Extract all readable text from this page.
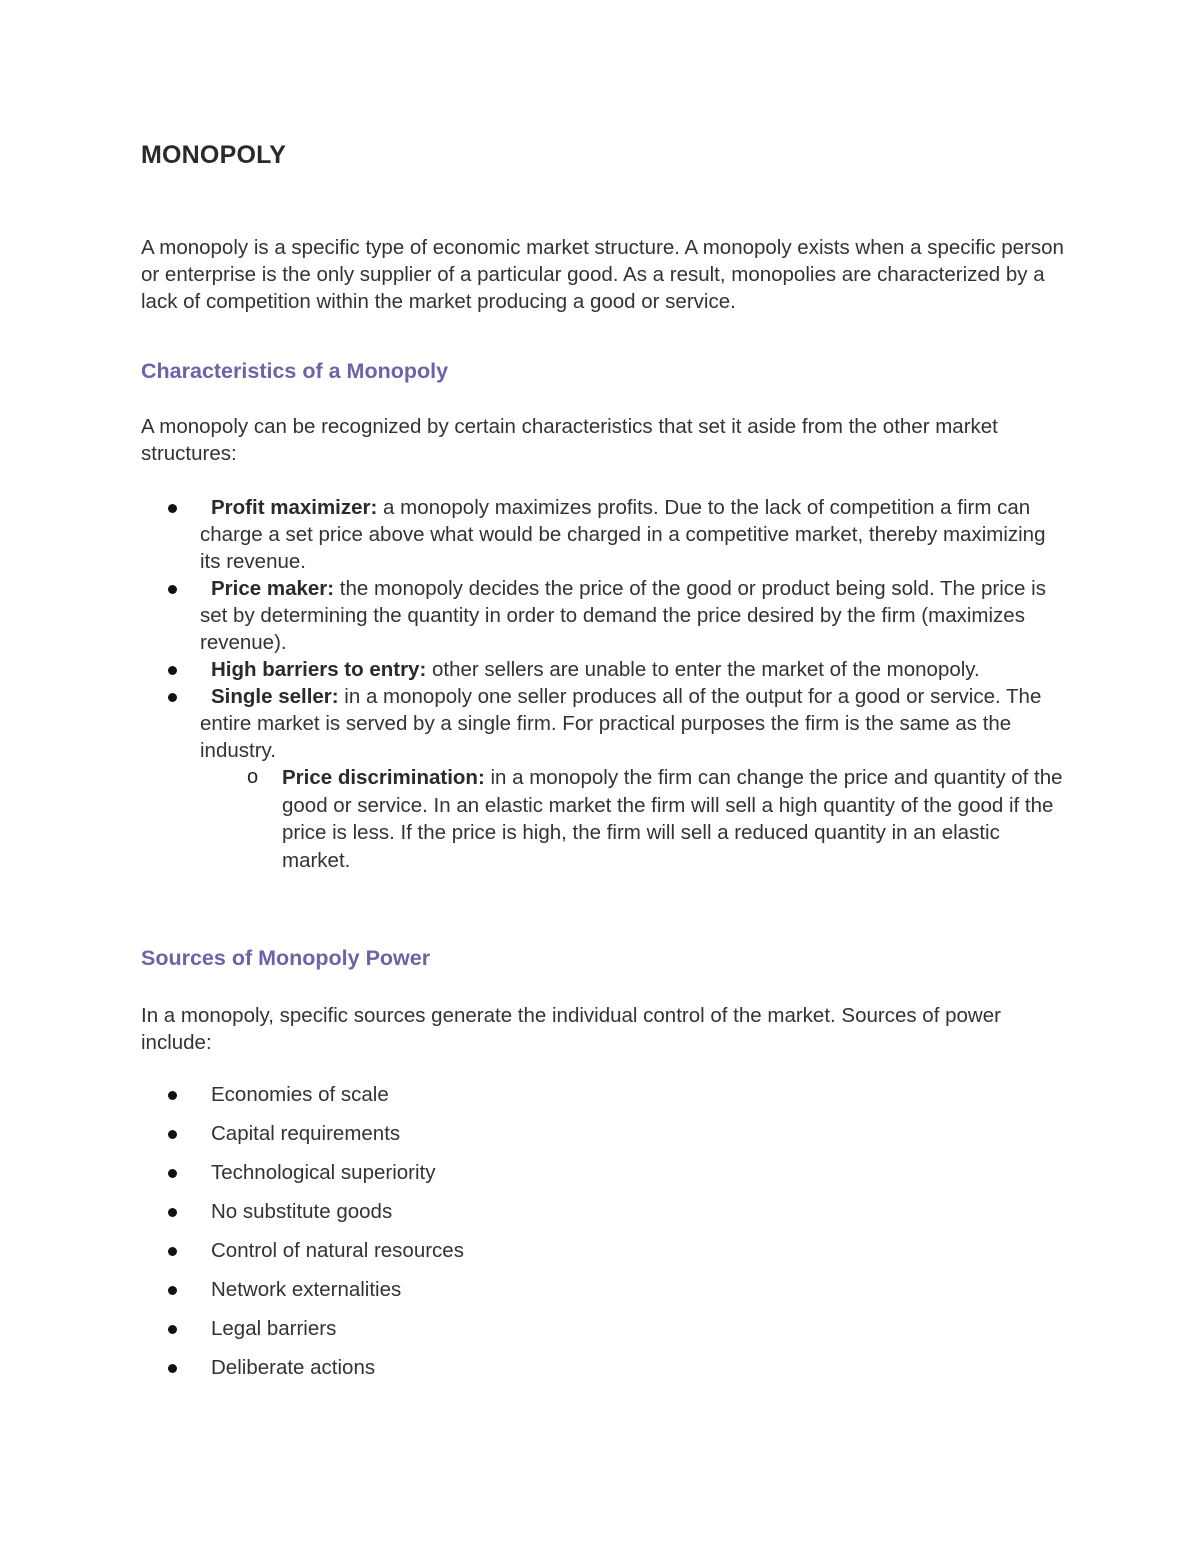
MONOPOLY
A monopoly is a specific type of economic market structure. A monopoly exists when a specific person or enterprise is the only supplier of a particular good. As a result, monopolies are characterized by a lack of competition within the market producing a good or service.
Characteristics of a Monopoly
A monopoly can be recognized by certain characteristics that set it aside from the other market structures:
Profit maximizer: a monopoly maximizes profits. Due to the lack of competition a firm can charge a set price above what would be charged in a competitive market, thereby maximizing its revenue.
Price maker: the monopoly decides the price of the good or product being sold. The price is set by determining the quantity in order to demand the price desired by the firm (maximizes revenue).
High barriers to entry: other sellers are unable to enter the market of the monopoly.
Single seller: in a monopoly one seller produces all of the output for a good or service. The entire market is served by a single firm. For practical purposes the firm is the same as the industry.
o Price discrimination: in a monopoly the firm can change the price and quantity of the good or service. In an elastic market the firm will sell a high quantity of the good if the price is less. If the price is high, the firm will sell a reduced quantity in an elastic market.
Sources of Monopoly Power
In a monopoly, specific sources generate the individual control of the market. Sources of power include:
Economies of scale
Capital requirements
Technological superiority
No substitute goods
Control of natural resources
Network externalities
Legal barriers
Deliberate actions
